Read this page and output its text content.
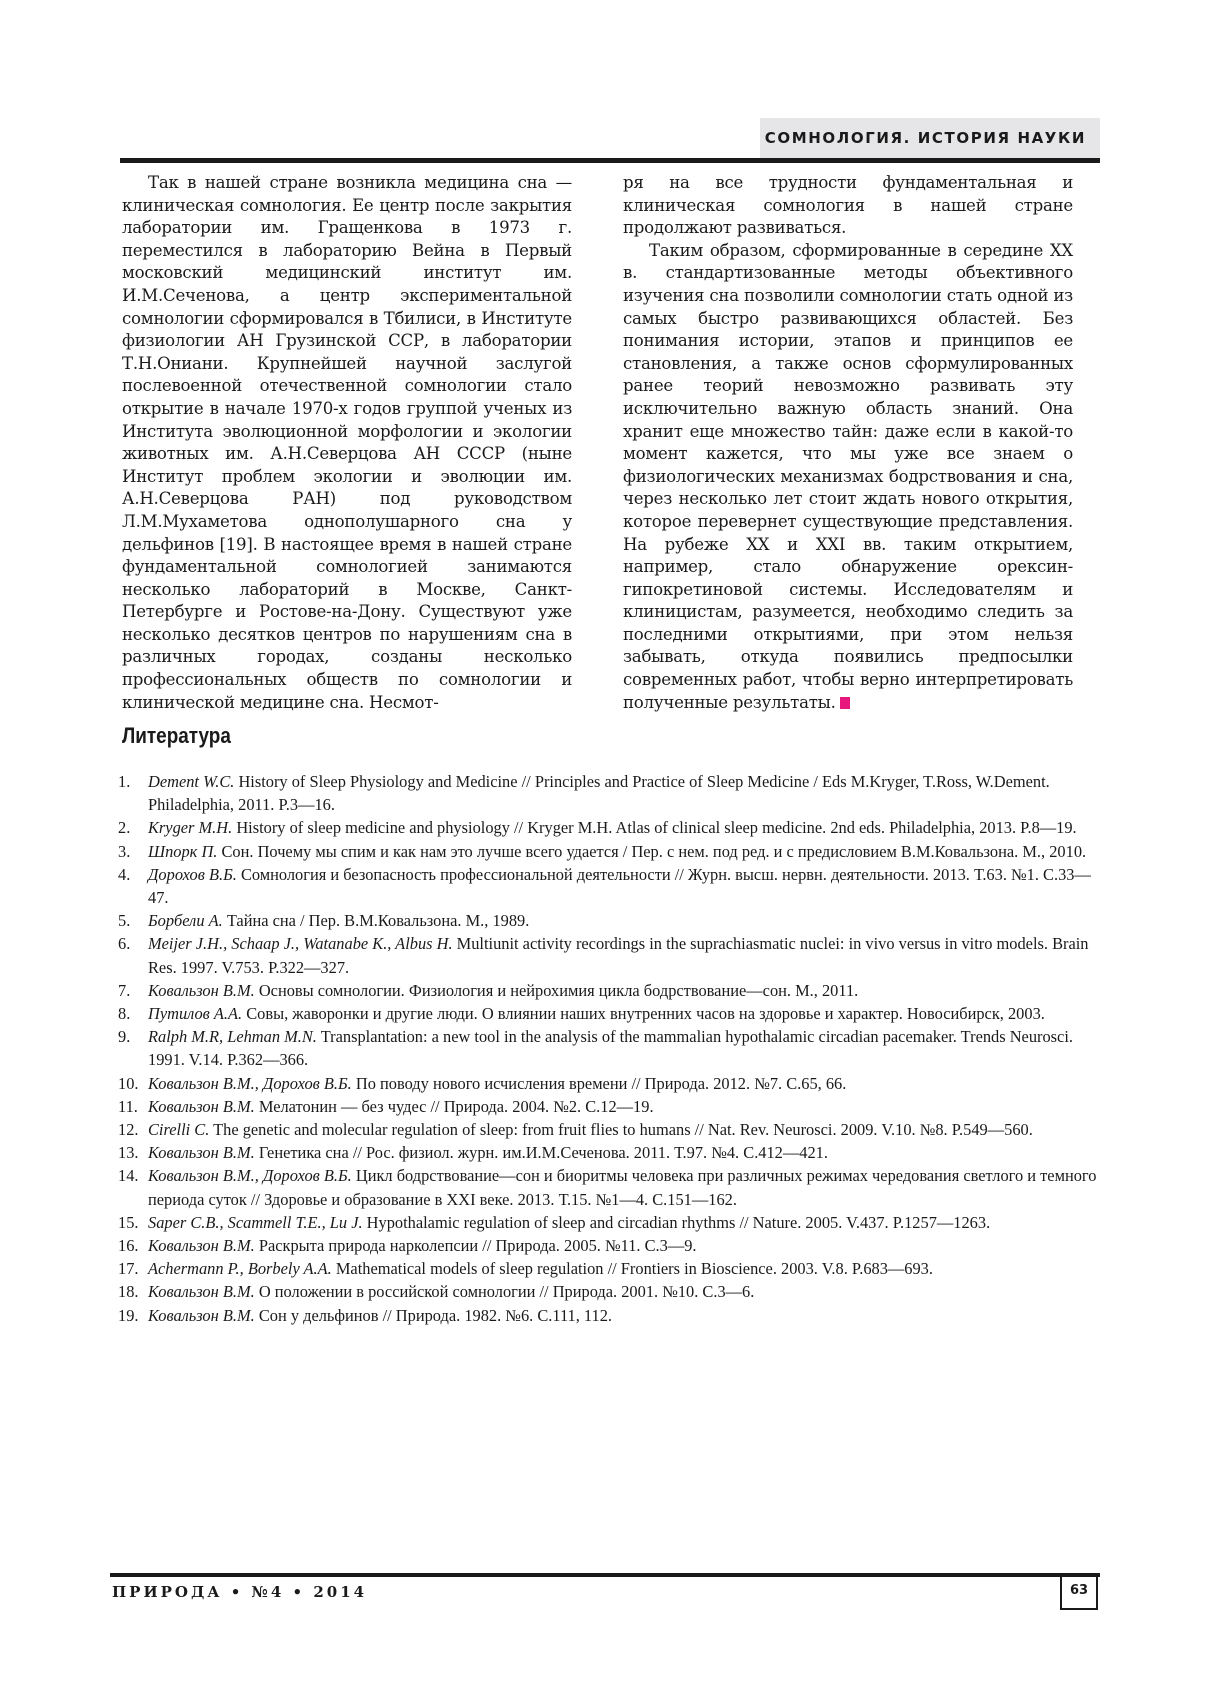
СОМНОЛОГИЯ. ИСТОРИЯ НАУКИ

Так в нашей стране возникла медицина сна — клиническая сомнология. Ее центр после закрытия лаборатории им. Гращенкова в 1973 г. переместился в лабораторию Вейна в Первый московский медицинский институт им. И.М.Сеченова, а центр экспериментальной сомнологии сформировался в Тбилиси, в Институте физиологии АН Грузинской ССР, в лаборатории Т.Н.Ониани. Крупнейшей научной заслугой послевоенной отечественной сомнологии стало открытие в начале 1970-х годов группой ученых из Института эволюционной морфологии и экологии животных им. А.Н.Северцова АН СССР (ныне Институт проблем экологии и эволюции им. А.Н.Северцова РАН) под руководством Л.М.Мухаметова однополушарного сна у дельфинов [19]. В настоящее время в нашей стране фундаментальной сомнологией занимаются несколько лабораторий в Москве, Санкт-Петербурге и Ростове-на-Дону. Существуют уже несколько десятков центров по нарушениям сна в различных городах, созданы несколько профессиональных обществ по сомнологии и клинической медицине сна. Несмот-

ря на все трудности фундаментальная и клиническая сомнология в нашей стране продолжают развиваться.

Таким образом, сформированные в середине XX в. стандартизованные методы объективного изучения сна позволили сомнологии стать одной из самых быстро развивающихся областей. Без понимания истории, этапов и принципов ее становления, а также основ сформулированных ранее теорий невозможно развивать эту исключительно важную область знаний. Она хранит еще множество тайн: даже если в какой-то момент кажется, что мы уже все знаем о физиологических механизмах бодрствования и сна, через несколько лет стоит ждать нового открытия, которое перевернет существующие представления. На рубеже XX и XXI вв. таким открытием, например, стало обнаружение орексин-гипокретиновой системы. Исследователям и клиницистам, разумеется, необходимо следить за последними открытиями, при этом нельзя забывать, откуда появились предпосылки современных работ, чтобы верно интерпретировать полученные результаты.

Литература
1. Dement W.C. History of Sleep Physiology and Medicine // Principles and Practice of Sleep Medicine / Eds M.Kryger, T.Ross, W.Dement. Philadelphia, 2011. P.3—16.
2. Kryger M.H. History of sleep medicine and physiology // Kryger M.H. Atlas of clinical sleep medicine. 2nd eds. Philadelphia, 2013. P.8—19.
3. Шпорк П. Сон. Почему мы спим и как нам это лучше всего удается / Пер. с нем. под ред. и с предисловием В.М.Ковальзона. М., 2010.
4. Дорохов В.Б. Сомнология и безопасность профессиональной деятельности // Журн. высш. нервн. деятельности. 2013. Т.63. №1. С.33—47.
5. Борбели А. Тайна сна / Пер. В.М.Ковальзона. М., 1989.
6. Meijer J.H., Schaap J., Watanabe K., Albus H. Multiunit activity recordings in the suprachiasmatic nuclei: in vivo versus in vitro models. Brain Res. 1997. V.753. P.322—327.
7. Ковальзон В.М. Основы сомнологии. Физиология и нейрохимия цикла бодрствование—сон. М., 2011.
8. Путилов А.А. Совы, жаворонки и другие люди. О влиянии наших внутренних часов на здоровье и характер. Новосибирск, 2003.
9. Ralph M.R, Lehman M.N. Transplantation: a new tool in the analysis of the mammalian hypothalamic circadian pacemaker. Trends Neurosci. 1991. V.14. P.362—366.
10. Ковальзон В.М., Дорохов В.Б. По поводу нового исчисления времени // Природа. 2012. №7. С.65, 66.
11. Ковальзон В.М. Мелатонин — без чудес // Природа. 2004. №2. С.12—19.
12. Cirelli C. The genetic and molecular regulation of sleep: from fruit flies to humans // Nat. Rev. Neurosci. 2009. V.10. №8. P.549—560.
13. Ковальзон В.М. Генетика сна // Рос. физиол. журн. им.И.М.Сеченова. 2011. Т.97. №4. С.412—421.
14. Ковальзон В.М., Дорохов В.Б. Цикл бодрствование—сон и биоритмы человека при различных режимах чередования светлого и темного периода суток // Здоровье и образование в XXI веке. 2013. Т.15. №1—4. С.151—162.
15. Saper C.B., Scammell T.E., Lu J. Hypothalamic regulation of sleep and circadian rhythms // Nature. 2005. V.437. P.1257—1263.
16. Ковальзон В.М. Раскрыта природа нарколепсии // Природа. 2005. №11. С.3—9.
17. Achermann P., Borbely A.A. Mathematical models of sleep regulation // Frontiers in Bioscience. 2003. V.8. P.683—693.
18. Ковальзон В.М. О положении в российской сомнологии // Природа. 2001. №10. С.3—6.
19. Ковальзон В.М. Сон у дельфинов // Природа. 1982. №6. С.111, 112.
ПРИРОДА • №4 • 2014	63
